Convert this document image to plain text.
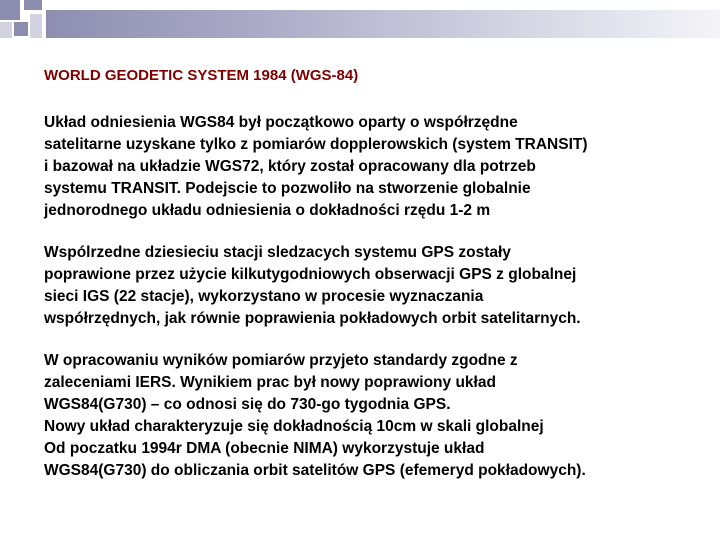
WORLD GEODETIC SYSTEM 1984 (WGS-84)
Układ odniesienia WGS84 był początkowo oparty o współrzędne
satelitarne uzyskane tylko z pomiarów dopplerowskich (system TRANSIT)
i bazował na układzie WGS72, który został opracowany dla potrzeb
systemu TRANSIT. Podejscie to pozwoliło na stworzenie globalnie
jednorodnego układu odniesienia o dokładności rzędu 1-2 m
Wspólrzedne dziesieciu stacji sledzacych systemu GPS zostały
poprawione przez użycie kilkutygodniowych obserwacji GPS z globalnej
sieci IGS (22 stacje), wykorzystano w procesie wyznaczania
współrzędnych, jak równie poprawienia pokładowych orbit satelitarnych.
W opracowaniu wyników pomiarów przyjeto standardy zgodne z
zaleceniami IERS. Wynikiem prac był nowy poprawiony układ
WGS84(G730) – co odnosi się do 730-go tygodnia GPS.
Nowy układ charakteryzuje się dokładnością 10cm w skali globalnej
Od poczatku 1994r DMA (obecnie NIMA) wykorzystuje układ
WGS84(G730) do obliczania orbit satelitów GPS (efemeryd pokładowych).
